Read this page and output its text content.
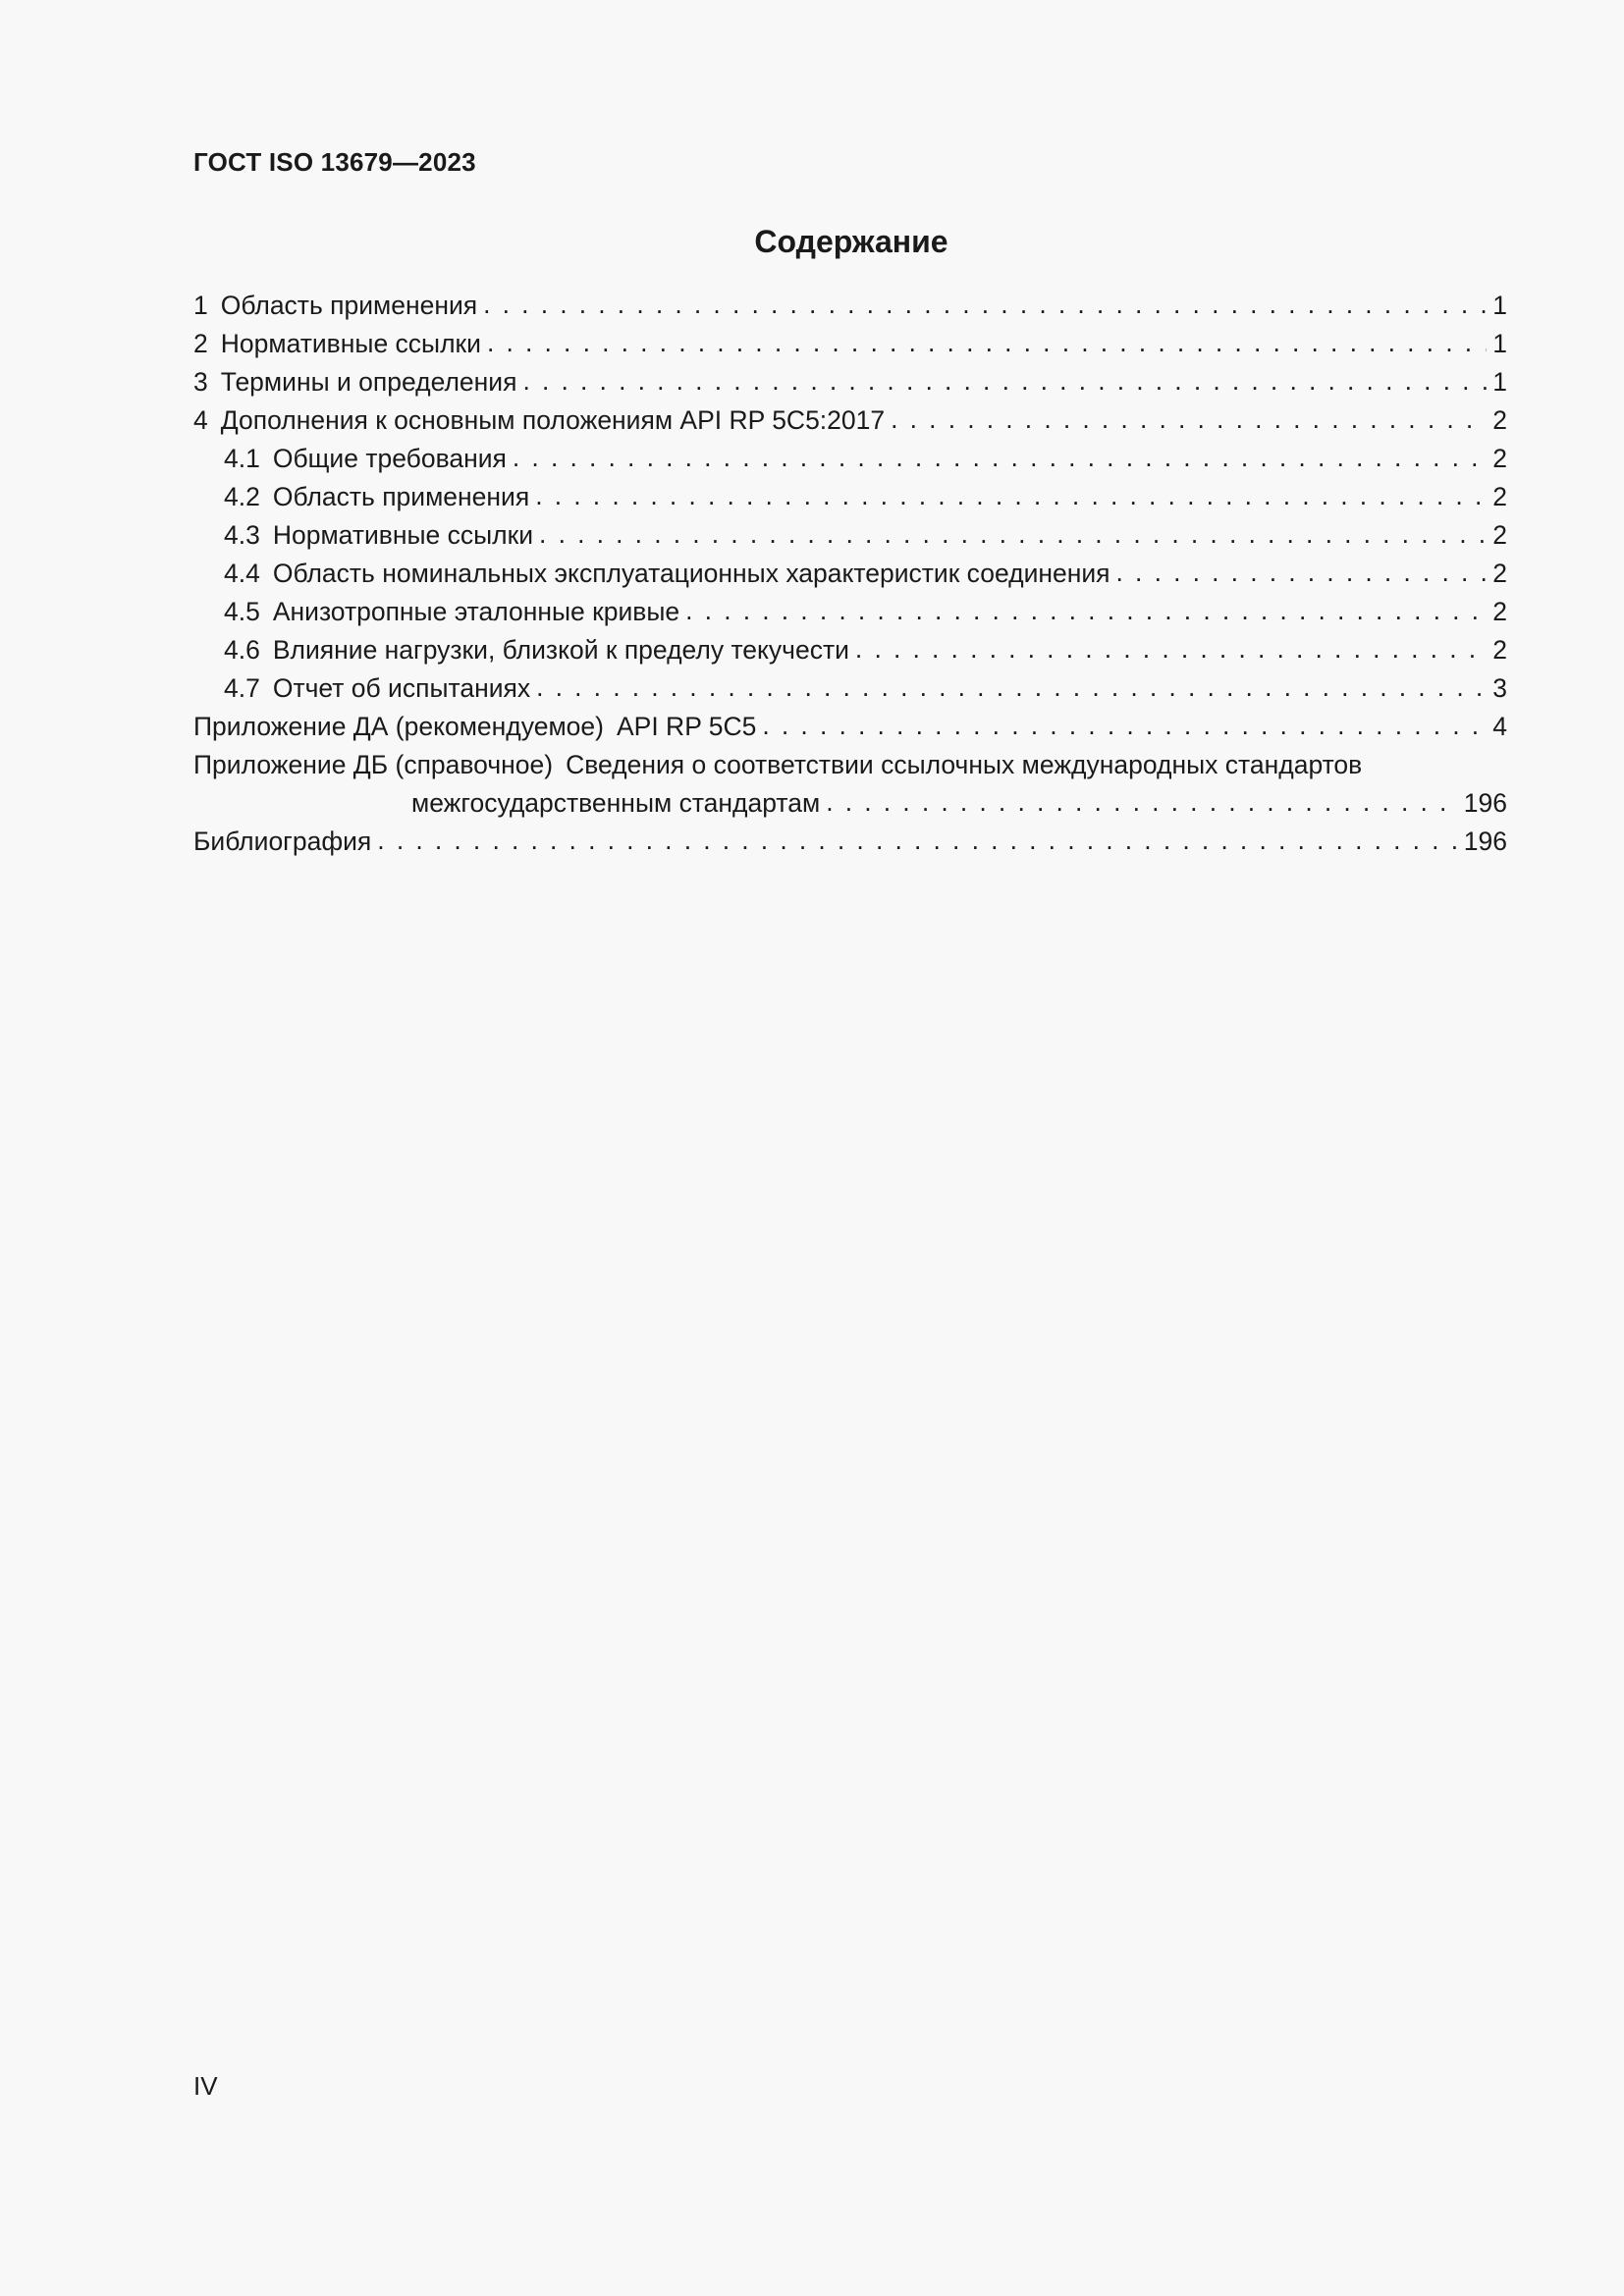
ГОСТ ISO 13679—2023
Содержание
1 Область применения . . .	1
2 Нормативные ссылки . . .	1
3 Термины и определения . . .	1
4 Дополнения к основным положениям API RP 5C5:2017 . . .	2
4.1 Общие требования . . .	2
4.2 Область применения . . .	2
4.3 Нормативные ссылки . . .	2
4.4 Область номинальных эксплуатационных характеристик соединения . . .	2
4.5 Анизотропные эталонные кривые . . .	2
4.6 Влияние нагрузки, близкой к пределу текучести . . .	2
4.7 Отчет об испытаниях . . .	3
Приложение ДА (рекомендуемое) API RP 5C5 . . .	4
Приложение ДБ (справочное) Сведения о соответствии ссылочных международных стандартов
межгосударственным стандартам . . .	196
Библиография . . .	196
IV
